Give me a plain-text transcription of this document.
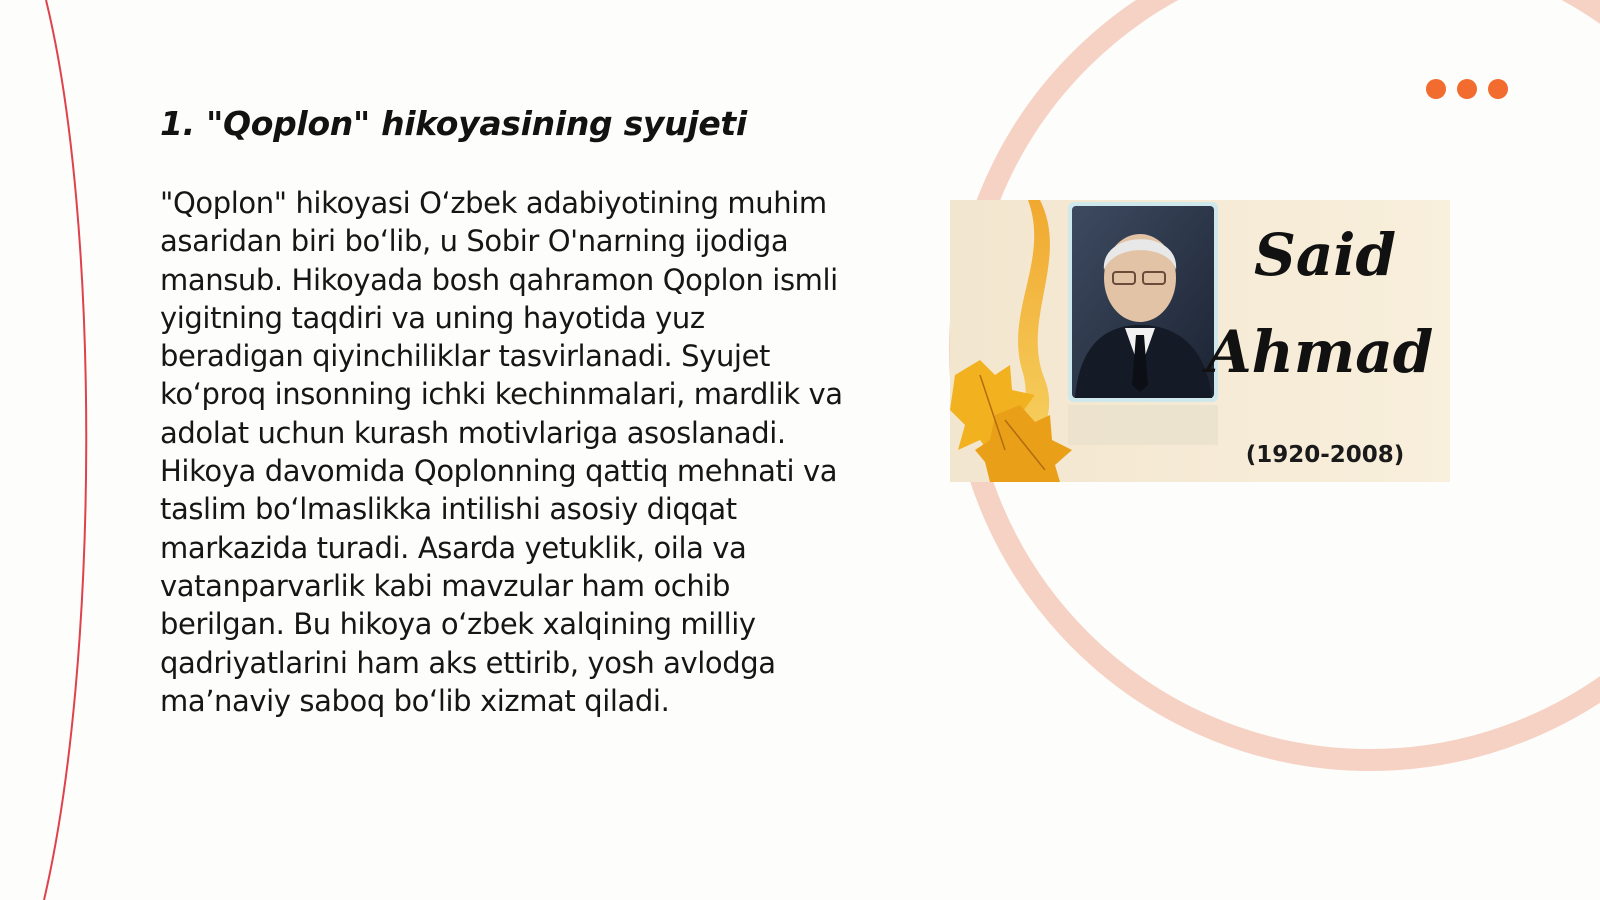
1. "Qoplon" hikoyasining syujeti

"Qoplon" hikoyasi O‘zbek adabiyotining muhim asaridan biri bo‘lib, u Sobir O'narning ijodiga mansub. Hikoyada bosh qahramon Qoplon ismli yigitning taqdiri va uning hayotida yuz beradigan qiyinchiliklar tasvirlanadi. Syujet ko‘proq insonning ichki kechinmalari, mardlik va adolat uchun kurash motivlariga asoslanadi. Hikoya davomida Qoplonning qattiq mehnati va taslim bo‘lmaslikka intilishi asosiy diqqat markazida turadi. Asarda yetuklik, oila va vatanparvarlik kabi mavzular ham ochib berilgan. Bu hikoya o‘zbek xalqining milliy qadriyatlarini ham aks ettirib, yosh avlodga ma’naviy saboq bo‘lib xizmat qiladi.

Said
Ahmad
(1920-2008)
